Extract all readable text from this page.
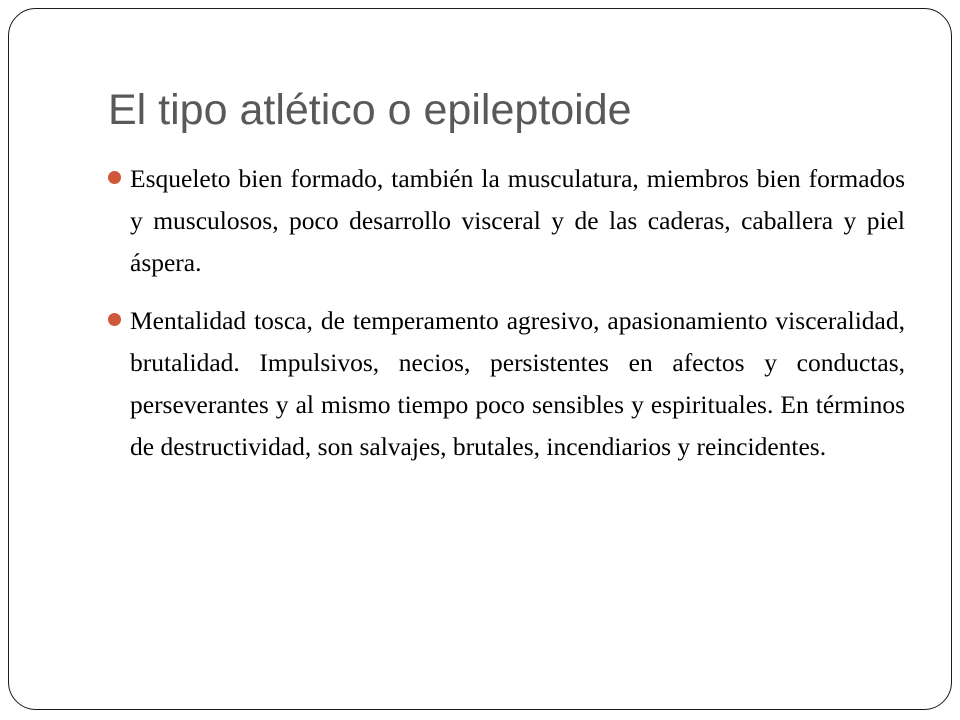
El tipo atlético o epileptoide
Esqueleto bien formado, también la musculatura, miembros bien formados y musculosos, poco desarrollo visceral y de las caderas, caballera y piel áspera.
Mentalidad tosca, de temperamento agresivo, apasionamiento visceralidad, brutalidad. Impulsivos, necios, persistentes en afectos y conductas, perseverantes y al mismo tiempo poco sensibles y espirituales. En términos de destructividad, son salvajes, brutales, incendiarios y reincidentes.
